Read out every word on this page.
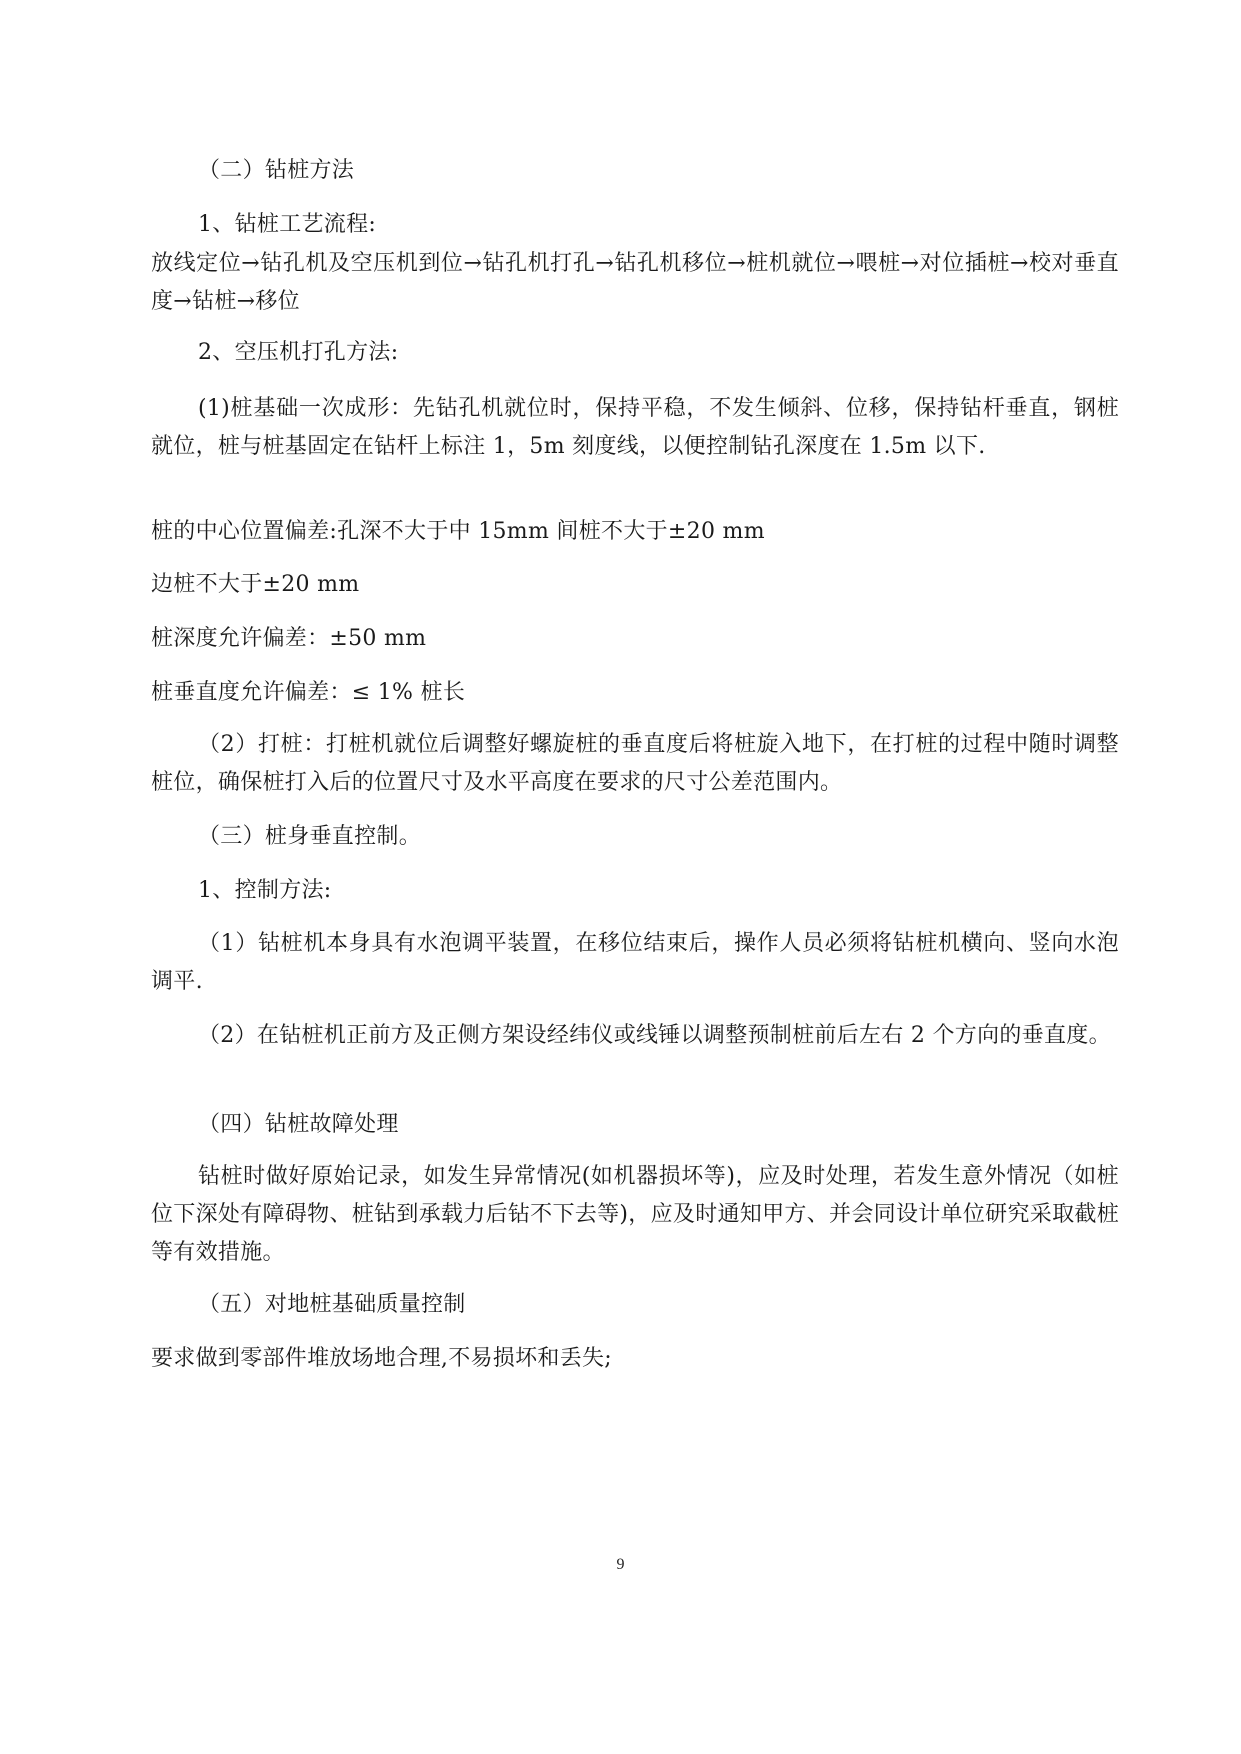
（二）钻桩方法
1、钻桩工艺流程:
放线定位→钻孔机及空压机到位→钻孔机打孔→钻孔机移位→桩机就位→喂桩→对位插桩→校对垂直度→钻桩→移位
2、空压机打孔方法:
(1)桩基础一次成形：先钻孔机就位时，保持平稳，不发生倾斜、位移，保持钻杆垂直，钢桩就位，桩与桩基固定在钻杆上标注 1，5m 刻度线，以便控制钻孔深度在 1.5m 以下.
桩的中心位置偏差:孔深不大于中 15mm 间桩不大于±20 mm
边桩不大于±20 mm
桩深度允许偏差：±50 mm
桩垂直度允许偏差：≤ 1% 桩长
（2）打桩：打桩机就位后调整好螺旋桩的垂直度后将桩旋入地下，在打桩的过程中随时调整桩位，确保桩打入后的位置尺寸及水平高度在要求的尺寸公差范围内。
（三）桩身垂直控制。
1、控制方法:
（1）钻桩机本身具有水泡调平装置，在移位结束后，操作人员必须将钻桩机横向、竖向水泡调平.
（2）在钻桩机正前方及正侧方架设经纬仪或线锤以调整预制桩前后左右 2 个方向的垂直度。
（四）钻桩故障处理
钻桩时做好原始记录，如发生异常情况(如机器损坏等)，应及时处理，若发生意外情况（如桩位下深处有障碍物、桩钻到承载力后钻不下去等)，应及时通知甲方、并会同设计单位研究采取截桩等有效措施。
（五）对地桩基础质量控制
要求做到零部件堆放场地合理,不易损坏和丢失;
9
